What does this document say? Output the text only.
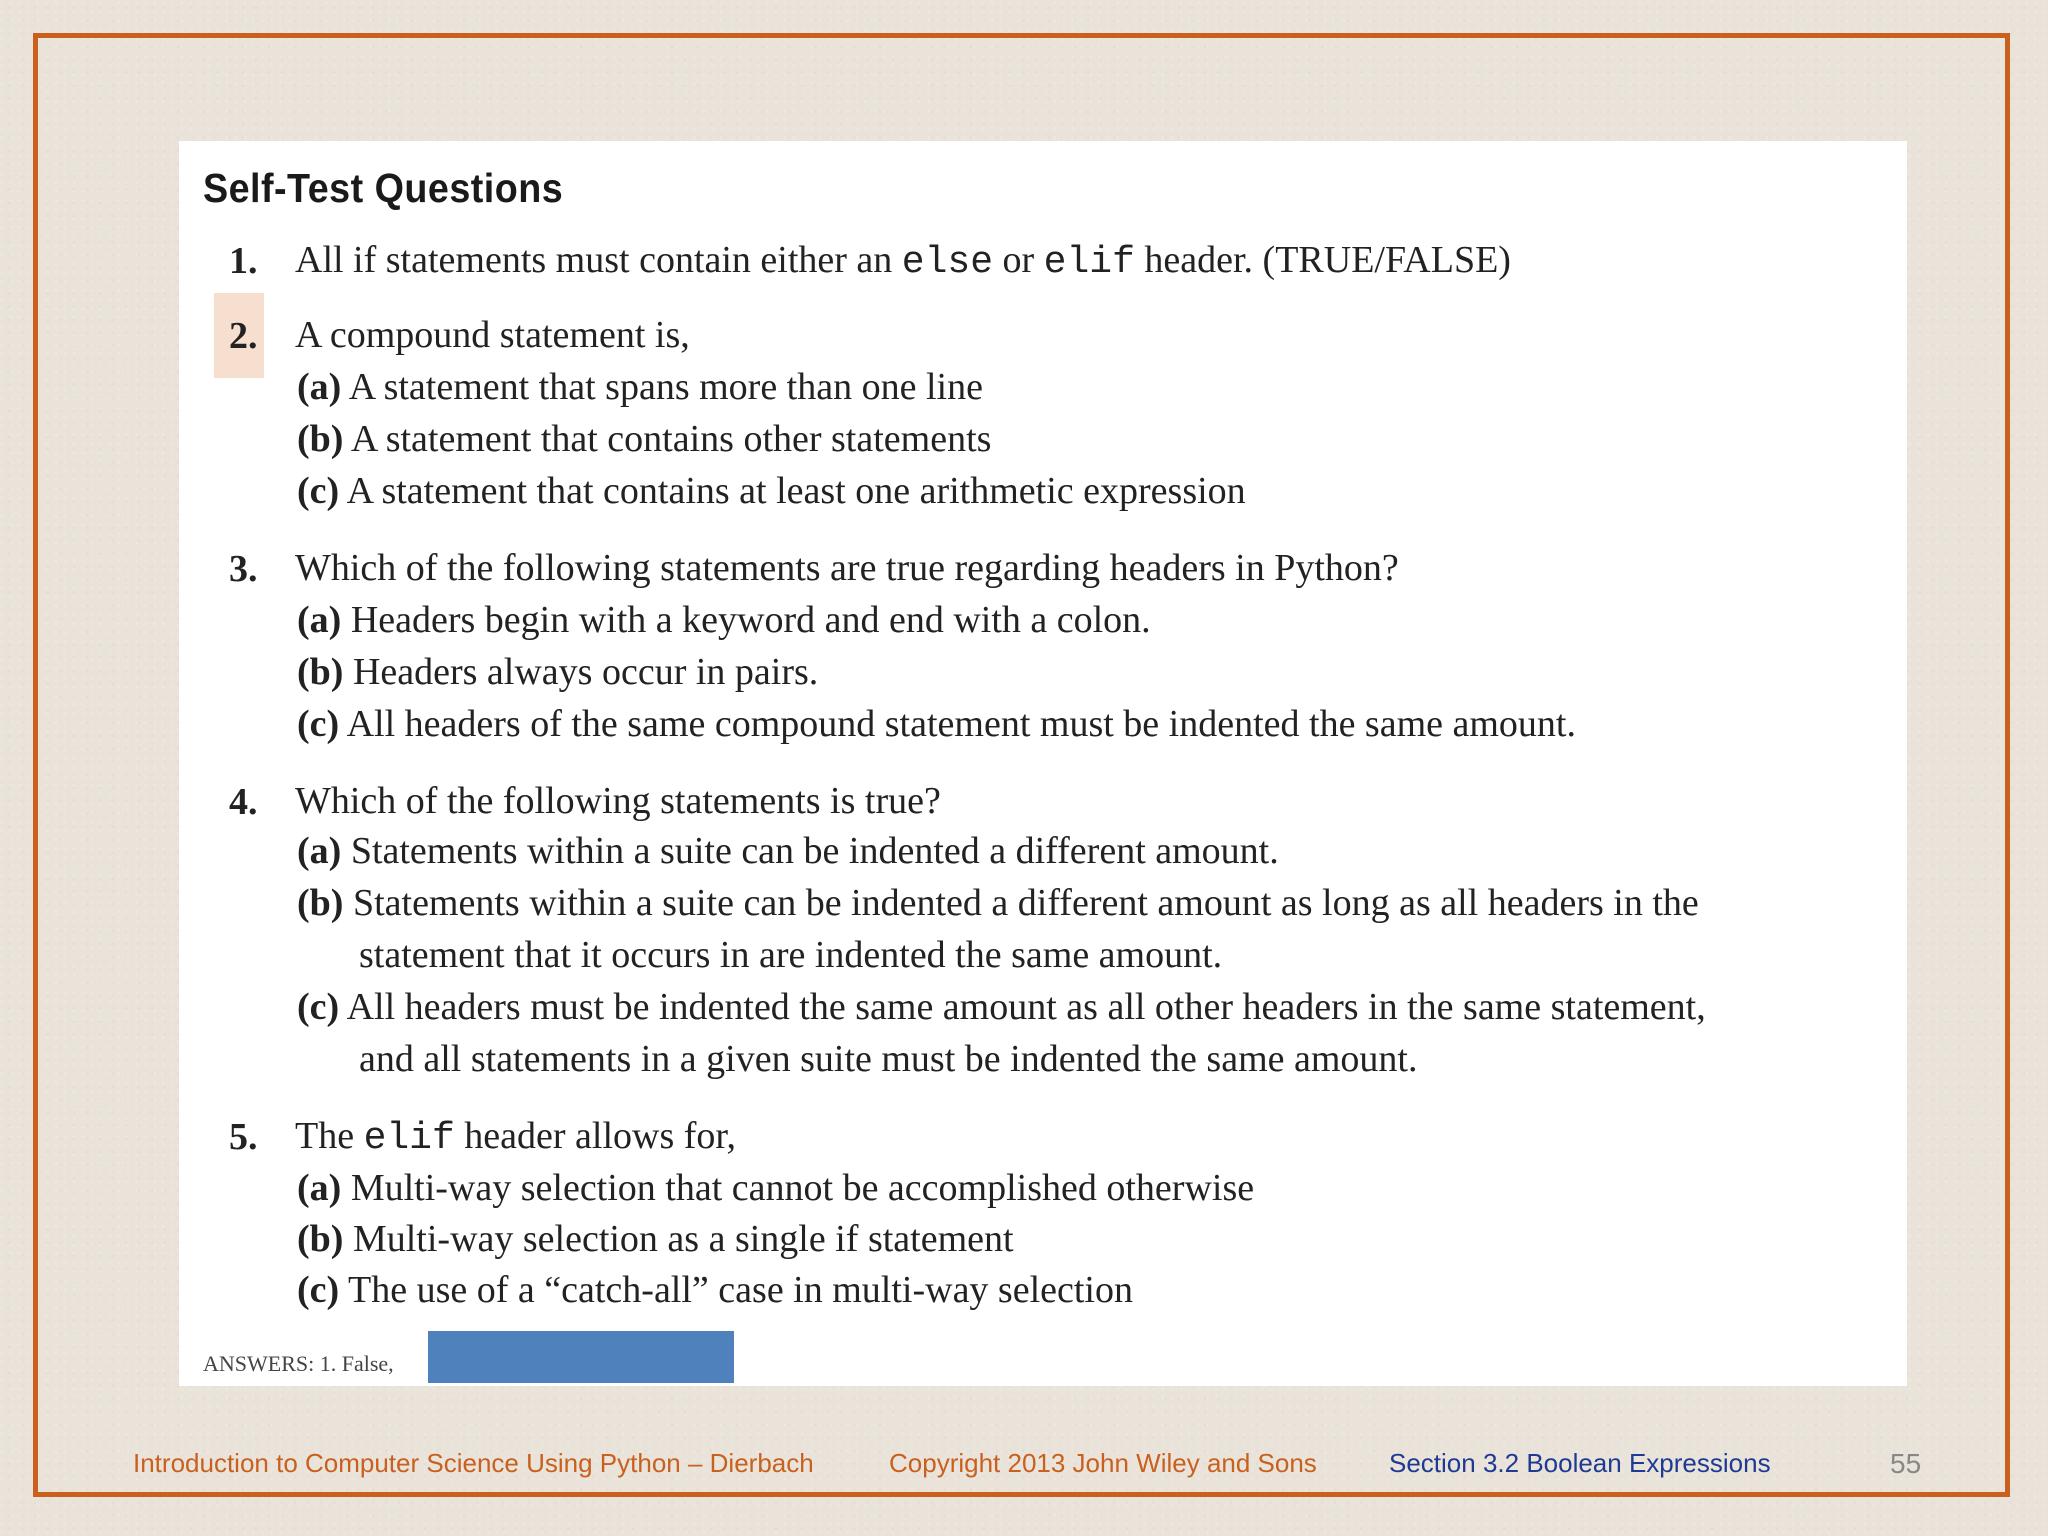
Self-Test Questions
1. All if statements must contain either an else or elif header. (TRUE/FALSE)
2. A compound statement is,
(a) A statement that spans more than one line
(b) A statement that contains other statements
(c) A statement that contains at least one arithmetic expression
3. Which of the following statements are true regarding headers in Python?
(a) Headers begin with a keyword and end with a colon.
(b) Headers always occur in pairs.
(c) All headers of the same compound statement must be indented the same amount.
4. Which of the following statements is true?
(a) Statements within a suite can be indented a different amount.
(b) Statements within a suite can be indented a different amount as long as all headers in the
statement that it occurs in are indented the same amount.
(c) All headers must be indented the same amount as all other headers in the same statement,
and all statements in a given suite must be indented the same amount.
5. The elif header allows for,
(a) Multi-way selection that cannot be accomplished otherwise
(b) Multi-way selection as a single if statement
(c) The use of a “catch-all” case in multi-way selection
ANSWERS: 1. False,
Introduction to Computer Science Using Python – Dierbach	Copyright 2013 John Wiley and Sons	Section 3.2 Boolean Expressions	55
